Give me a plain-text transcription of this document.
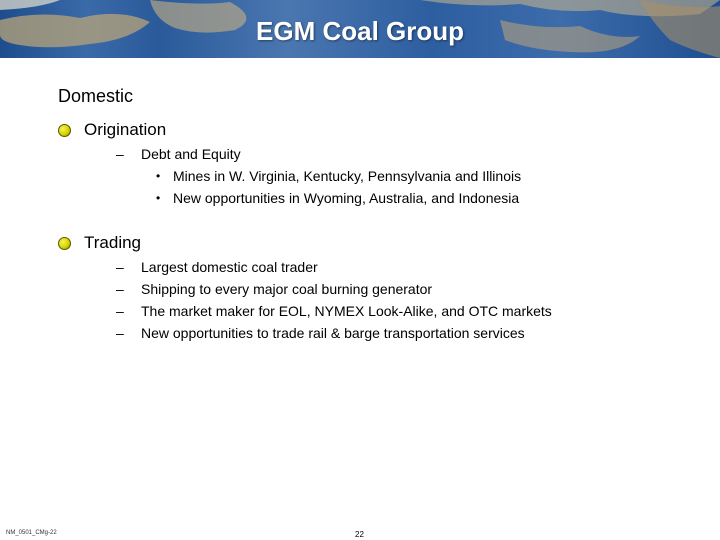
EGM Coal Group
Domestic
Origination
– Debt and Equity
• Mines in W. Virginia, Kentucky, Pennsylvania and Illinois
• New opportunities in Wyoming, Australia, and Indonesia
Trading
– Largest domestic coal trader
– Shipping to every major coal burning generator
– The market maker for EOL, NYMEX Look-Alike, and OTC markets
– New opportunities to trade rail & barge transportation services
NM_0501_CMg-22	22
